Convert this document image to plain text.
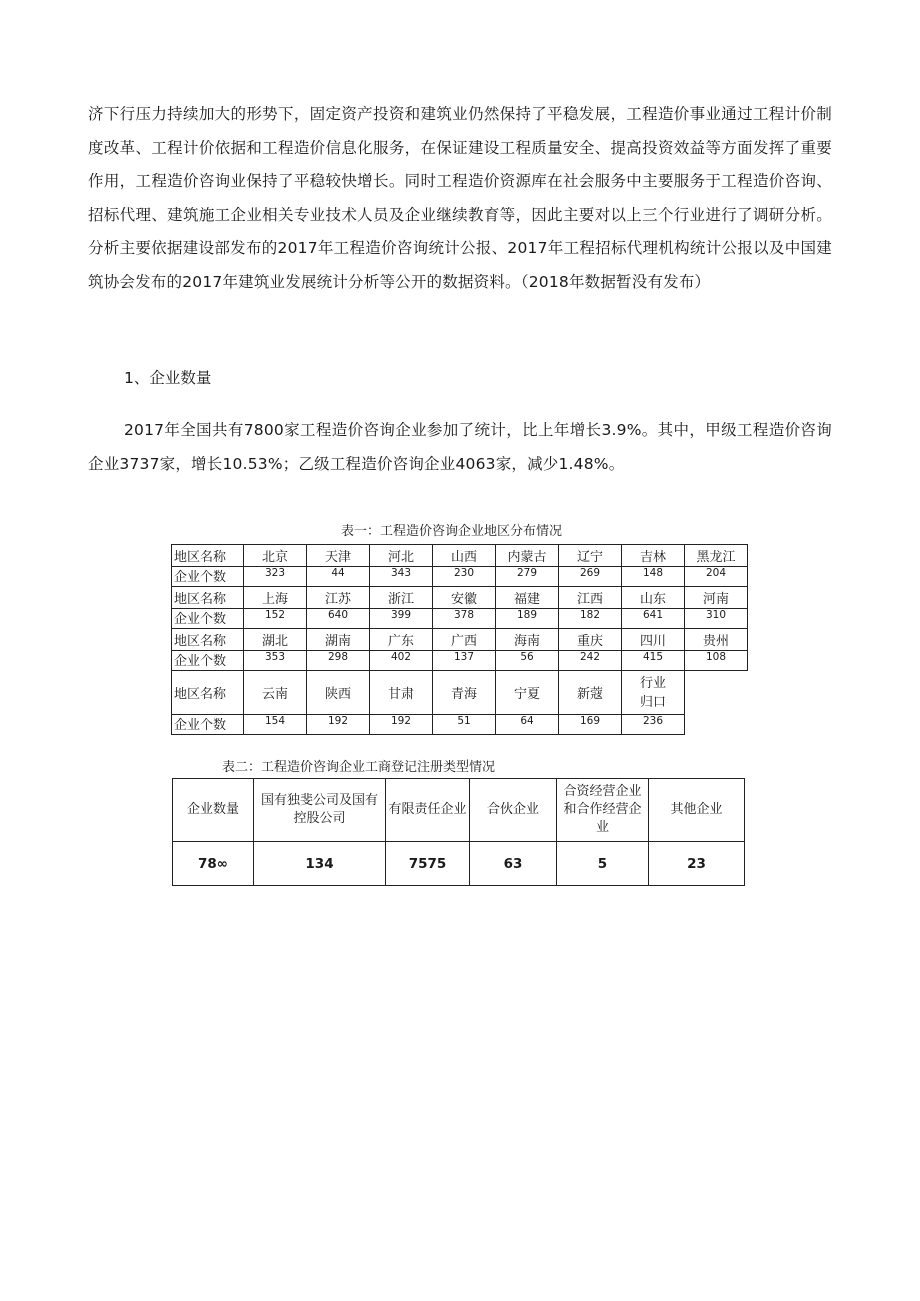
济下行压力持续加大的形势下，固定资产投资和建筑业仍然保持了平稳发展，工程造价事业通过工程计价制度改革、工程计价依据和工程造价信息化服务，在保证建设工程质量安全、提高投资效益等方面发挥了重要作用，工程造价咨询业保持了平稳较快增长。同时工程造价资源库在社会服务中主要服务于工程造价咨询、招标代理、建筑施工企业相关专业技术人员及企业继续教育等，因此主要对以上三个行业进行了调研分析。分析主要依据建设部发布的2017年工程造价咨询统计公报、2017年工程招标代理机构统计公报以及中国建筑协会发布的2017年建筑业发展统计分析等公开的数据资料。（2018年数据暂没有发布）

1、企业数量

2017年全国共有7800家工程造价咨询企业参加了统计，比上年增长3.9%。其中，甲级工程造价咨询企业3737家，增长10.53%；乙级工程造价咨询企业4063家，减少1.48%。

表一：工程造价咨询企业地区分布情况

地区名称	北京	天津	河北	山西	内蒙古	辽宁	吉林	黑龙江
企业个数	323	44	343	230	279	269	148	204
地区名称	上海	江苏	浙江	安徽	福建	江西	山东	河南
企业个数	152	640	399	378	189	182	641	310
地区名称	湖北	湖南	广东	广西	海南	重庆	四川	贵州
企业个数	353	298	402	137	56	242	415	108
地区名称	云南	陕西	甘肃	青海	宁夏	新蔻	行业归口	
企业个数	154	192	192	51	64	169	236	

表二：工程造价咨询企业工商登记注册类型情况

企业数量	国有独斐公司及国有控股公司	有限责任企业	合伙企业	合资经营企业和合作经营企业	其他企业
78∞	134	7575	63	5	23
